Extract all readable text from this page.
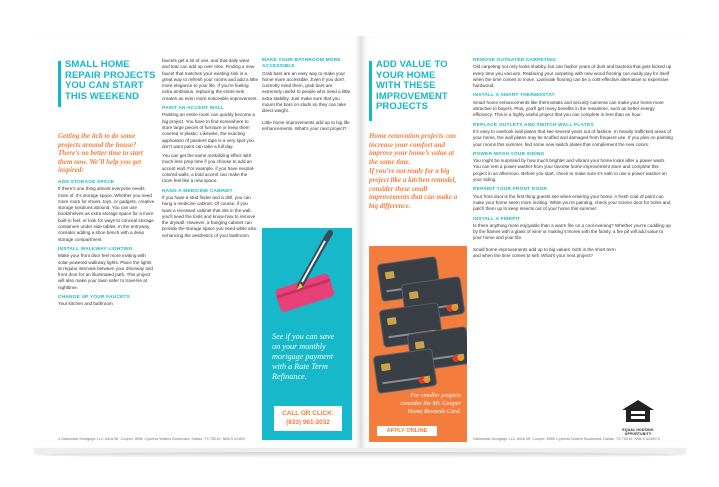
SMALL HOME REPAIR PROJECTS YOU CAN START THIS WEEKEND
Getting the itch to do some projects around the house? There’s no better time to start them now. We’ll help you get inspired:
ADD STORAGE SPACE

If there’s one thing almost everyone needs more of, it’s storage space. Whether you need more room for shoes, toys, or gadgets, creative storage solutions abound. You can use bookshelves as extra storage space for a more built-in feel, or look for ways to conceal storage containers under side tables. In the entryway, consider adding a shoe bench with a deep storage compartment.

INSTALL WALKWAY LIGHTING

Make your front door feel more inviting with solar-powered walkway lights. Place the lights at regular intervals between your driveway and front door for an illuminated path. This project will also make your lawn safer to traverse at nighttime.

CHANGE UP YOUR FAUCETS

Your kitchen and bathroom

faucets get a lot of use, and that daily wear and tear can add up over time. Finding a new faucet that matches your existing sink is a great way to refresh your rooms and add a little more elegance to your life. If you’re feeling extra ambitious, replacing the entire sink creates an even more noticeable improvement.

PAINT AN ACCENT WALL

Painting an entire room can quickly become a big project. You have to find somewhere to store large pieces of furniture or keep them covered in plastic. Likewise, the exacting application of painters tape is a very spot you don’t want paint can take a full day.

You can get the same revitalizing effect with much less prep time if you choose to add an accent wall. For example, if you have neutral-colored walls, a bold accent can make the room feel like a new space.

HANG A MEDICINE CABINET

If you have a stud finder and a drill, you can hang a medicine cabinet. Of course, if you want a recessed cabinet that sits in the wall, you’ll need the tools and know-how to remove the drywall. However, a hanging cabinet can provide the storage space you need while also enhancing the aesthetics of your bathroom.

MAKE YOUR BATHROOM MORE ACCESSIBLE

Grab bars are an easy way to make your home more accessible. Even if you don’t currently need them, grab bars are extremely useful to people who need a little extra stability. Just make sure that you mount the bars on studs so they can take direct weight.

Little home improvements add up to big life enhancements. What’s your next project?

See if you can save on your monthly mortgage payment with a Rate Term Refinance.
CALL OR CLICK:
(833) 981-2032
4 Nationstar Mortgage LLC d/b/a Mr. Cooper, 8950 Cypress Waters Boulevard, Dallas, TX 75019, NMLS #2469
ADD VALUE TO YOUR HOME WITH THESE IMPROVEMENT PROJECTS
Home renovation projects can increase your comfort and improve your home’s value at the same time.
If you’re not ready for a big project like a kitchen remodel, consider these small improvements that can make a big difference.
For smaller projects consider the Mr. Cooper Home Rewards Card.
APPLY ONLINE
REMOVE OUTDATED CARPETING

Old carpeting not only looks shabby, but can harbor years of dust and bacteria that gets kicked up every time you vacuum. Replacing your carpeting with new wood flooring can easily pay for itself when the time comes to move. Laminate flooring can be a cost-effective alternative to expensive hardwood.

INSTALL A SMART THERMOSTAT

Smart home enhancements like thermostats and security cameras can make your home more attractive to buyers. Plus, you’ll get many benefits in the meantime, such as better energy efficiency. This is a highly useful project that you can complete in less than an hour.

REPLACE OUTLETS AND SWITCH WALL PLATES

It’s easy to overlook wall plates that see several years out of fashion. In heavily trafficked areas of your home, the wall plates may be scuffed and damaged from frequent use. If you plan on painting your rooms this summer, find some new switch plates that complement the new colors.

POWER-WASH YOUR SIDING

You might be surprised by how much brighter and vibrant your home looks after a power wash. You can rent a power washer from your favorite home improvement store and complete this project in an afternoon. Before you start, check to make sure it’s safe to use a power washer on your siding.

REPAINT YOUR FRONT DOOR

Your front door is the first thing guests see when entering your home. A fresh coat of paint can make your home seem more inviting. While you’re painting, check your screen door for holes and patch them up to keep insects out of your home this summer.

INSTALL A FIREPIT

Is there anything more enjoyable than a warm fire on a cool evening? Whether you’re cuddling up by the flames with a glass of wine or making s’mores with the family, a fire pit will add value to your home and your life.

Small home improvements add up to big values, both in the short term and when the time comes to sell. What’s your next project?

Nationstar Mortgage LLC d/b/a Mr. Cooper, 8950 Cypress Waters Boulevard, Dallas, TX 75019, NMLS #2469 5
EQUAL HOUSING OPPORTUNITY
